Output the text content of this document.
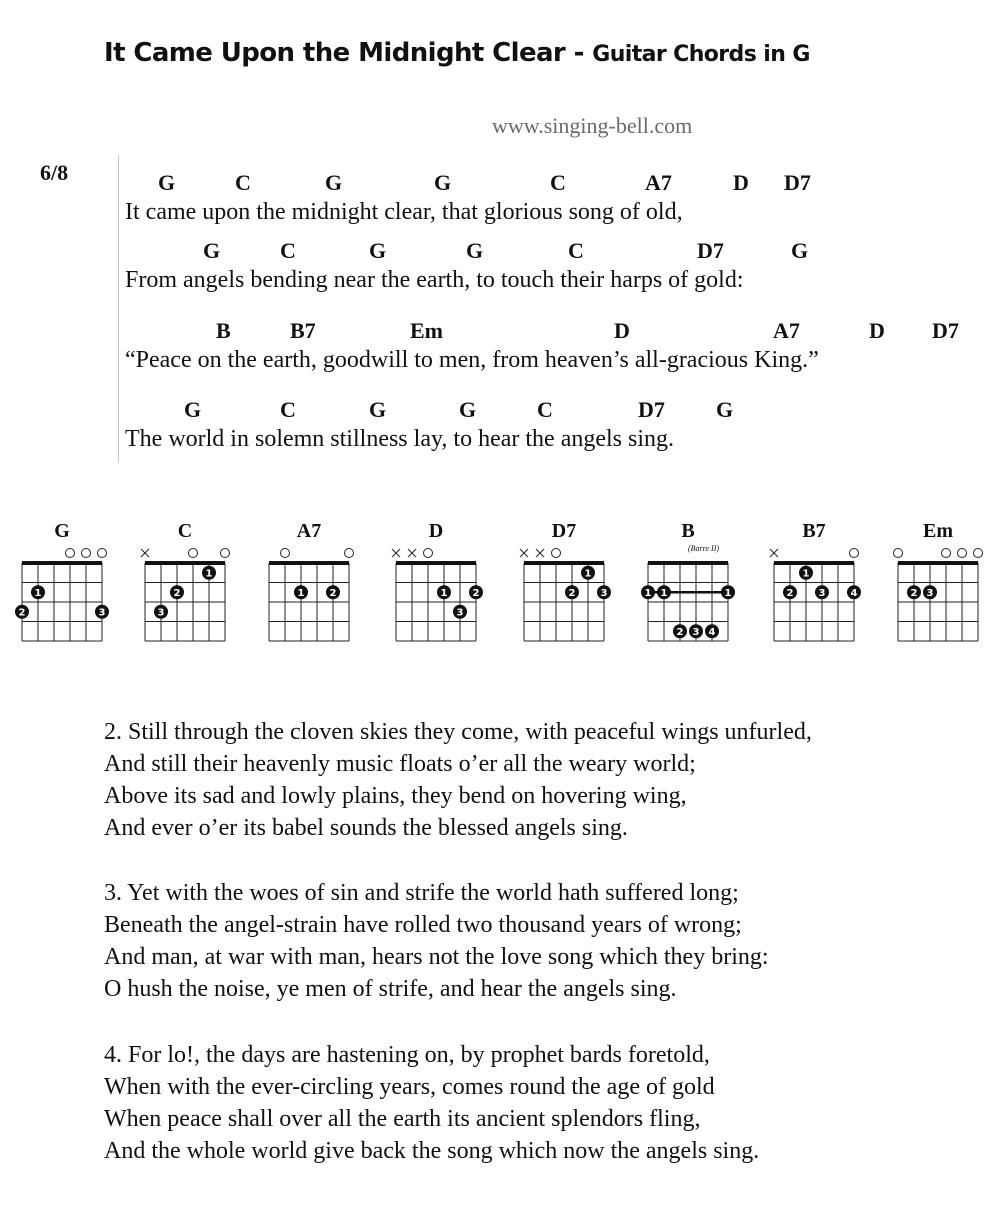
It Came Upon the Midnight Clear - Guitar Chords in G
www.singing-bell.com
6/8	G	C	G	G	C	A7	D D7
It came upon the midnight clear, that glorious song of old,
G	C	G	G	C	D7	G
From angels bending near the earth, to touch their harps of gold:
B	B7	Em	D	A7	D D7
“Peace on the earth, goodwill to men, from heaven’s all-gracious King.”
G	C	G	G	C	D7 G
The world in solemn stillness lay, to hear the angels sing.
G
1
2	3
C
1
2
3
A7
1	2
D
1	2
3
D7
1
2	3
B
(Barre II)
1 1	1
2 3 4
B7
1
2	3	4
Em
2 3
2. Still through the cloven skies they come, with peaceful wings unfurled,
And still their heavenly music floats o’er all the weary world;
Above its sad and lowly plains, they bend on hovering wing,
And ever o’er its babel sounds the blessed angels sing.
3. Yet with the woes of sin and strife the world hath suffered long;
Beneath the angel-strain have rolled two thousand years of wrong;
And man, at war with man, hears not the love song which they bring:
O hush the noise, ye men of strife, and hear the angels sing.
4. For lo!, the days are hastening on, by prophet bards foretold,
When with the ever-circling years, comes round the age of gold
When peace shall over all the earth its ancient splendors fling,
And the whole world give back the song which now the angels sing.
